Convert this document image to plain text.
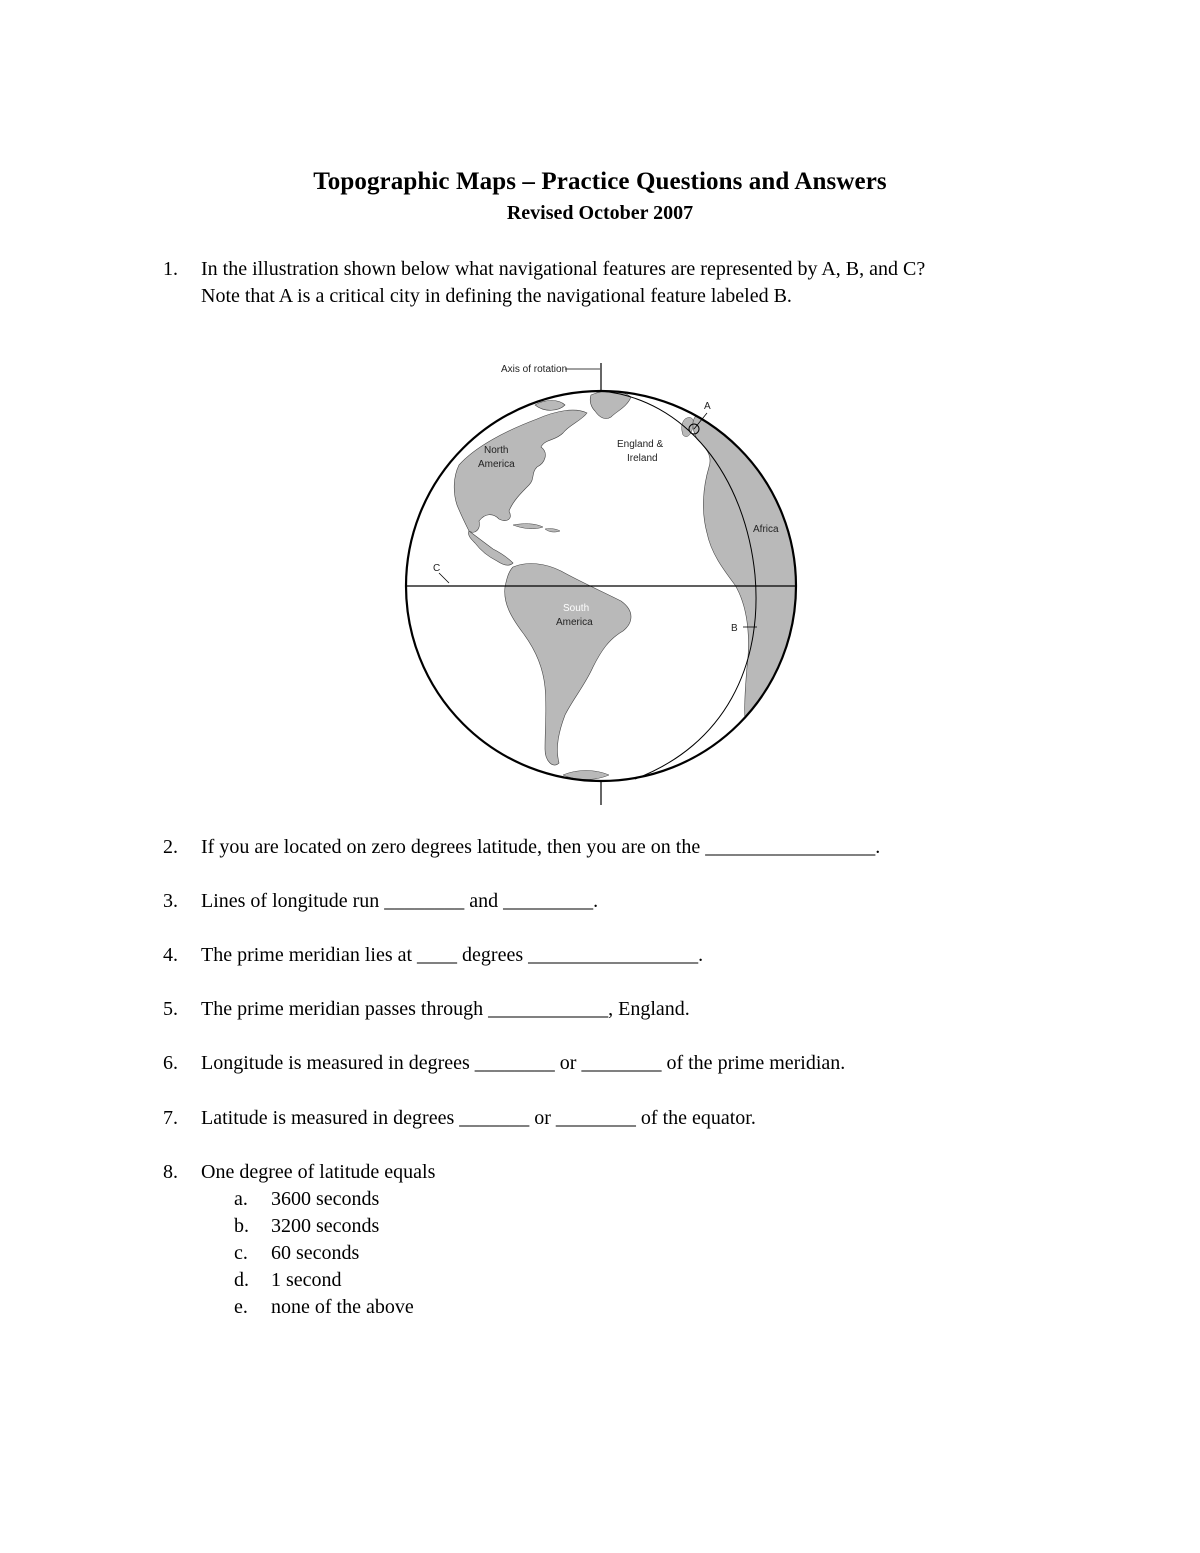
Topographic Maps – Practice Questions and Answers
Revised October 2007
1. In the illustration shown below what navigational features are represented by A, B, and C?
Note that A is a critical city in defining the navigational feature labeled B.
Axis of rotation
A
B
C
North
America
England &
Ireland
Africa
South
America
2. If you are located on zero degrees latitude, then you are on the _________________.
3. Lines of longitude run ________ and _________.
4. The prime meridian lies at ____ degrees _________________.
5. The prime meridian passes through ____________, England.
6. Longitude is measured in degrees ________ or ________ of the prime meridian.
7. Latitude is measured in degrees _______ or ________ of the equator.
8. One degree of latitude equals
a. 3600 seconds
b. 3200 seconds
c. 60 seconds
d. 1 second
e. none of the above
